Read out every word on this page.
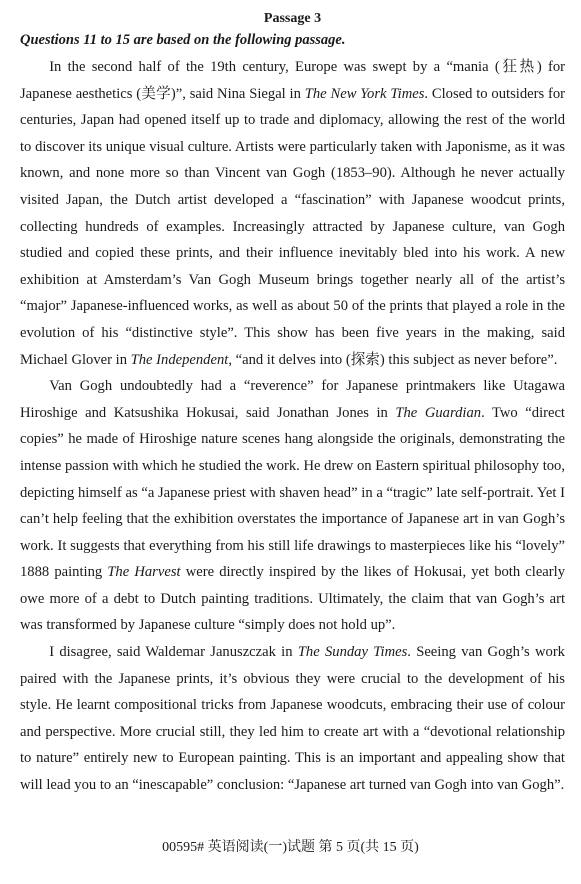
Passage 3
Questions 11 to 15 are based on the following passage.

In the second half of the 19th century, Europe was swept by a “mania (狂热) for Japanese aesthetics (美学)”, said Nina Siegal in The New York Times. Closed to outsiders for centuries, Japan had opened itself up to trade and diplomacy, allowing the rest of the world to discover its unique visual culture. Artists were particularly taken with Japonisme, as it was known, and none more so than Vincent van Gogh (1853–90). Although he never actually visited Japan, the Dutch artist developed a “fascination” with Japanese woodcut prints, collecting hundreds of examples. Increasingly attracted by Japanese culture, van Gogh studied and copied these prints, and their influence inevitably bled into his work. A new exhibition at Amsterdam’s Van Gogh Museum brings together nearly all of the artist’s “major” Japanese-influenced works, as well as about 50 of the prints that played a role in the evolution of his “distinctive style”. This show has been five years in the making, said Michael Glover in The Independent, “and it delves into (探索) this subject as never before”.

Van Gogh undoubtedly had a “reverence” for Japanese printmakers like Utagawa Hiroshige and Katsushika Hokusai, said Jonathan Jones in The Guardian. Two “direct copies” he made of Hiroshige nature scenes hang alongside the originals, demonstrating the intense passion with which he studied the work. He drew on Eastern spiritual philosophy too, depicting himself as “a Japanese priest with shaven head” in a “tragic” late self-portrait. Yet I can’t help feeling that the exhibition overstates the importance of Japanese art in van Gogh’s work. It suggests that everything from his still life drawings to masterpieces like his “lovely” 1888 painting The Harvest were directly inspired by the likes of Hokusai, yet both clearly owe more of a debt to Dutch painting traditions. Ultimately, the claim that van Gogh’s art was transformed by Japanese culture “simply does not hold up”.

I disagree, said Waldemar Januszczak in The Sunday Times. Seeing van Gogh’s work paired with the Japanese prints, it’s obvious they were crucial to the development of his style. He learnt compositional tricks from Japanese woodcuts, embracing their use of colour and perspective. More crucial still, they led him to create art with a “devotional relationship to nature” entirely new to European painting. This is an important and appealing show that will lead you to an “inescapable” conclusion: “Japanese art turned van Gogh into van Gogh”.

00595# 英语阅读(一)试题 第 5 页(共 15 页)
